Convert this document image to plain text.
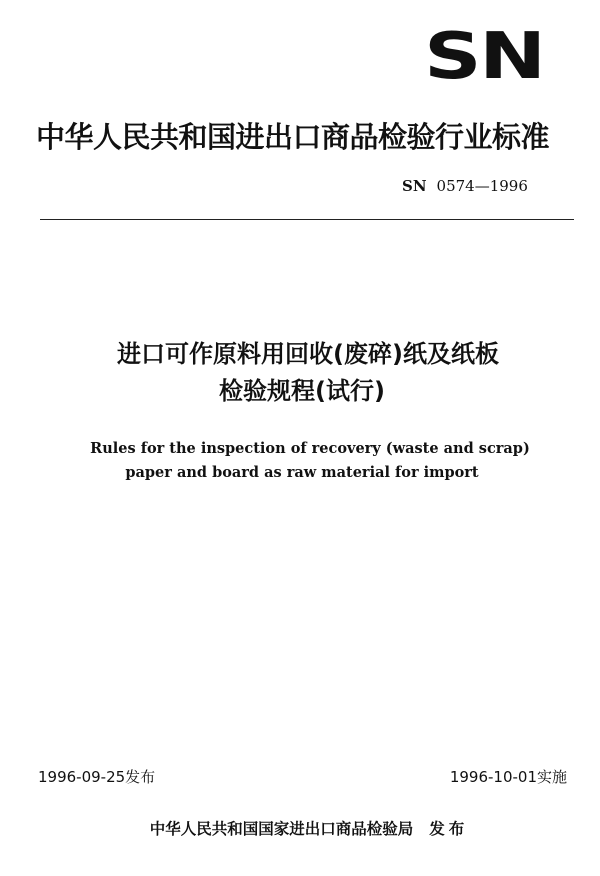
SN
中华人民共和国进出口商品检验行业标准
SN 0574—1996
进口可作原料用回收(废碎)纸及纸板
检验规程(试行)
Rules for the inspection of recovery (waste and scrap)
paper and board as raw material for import
1996-09-25发布	1996-10-01实施
中华人民共和国国家进出口商品检验局 发布
